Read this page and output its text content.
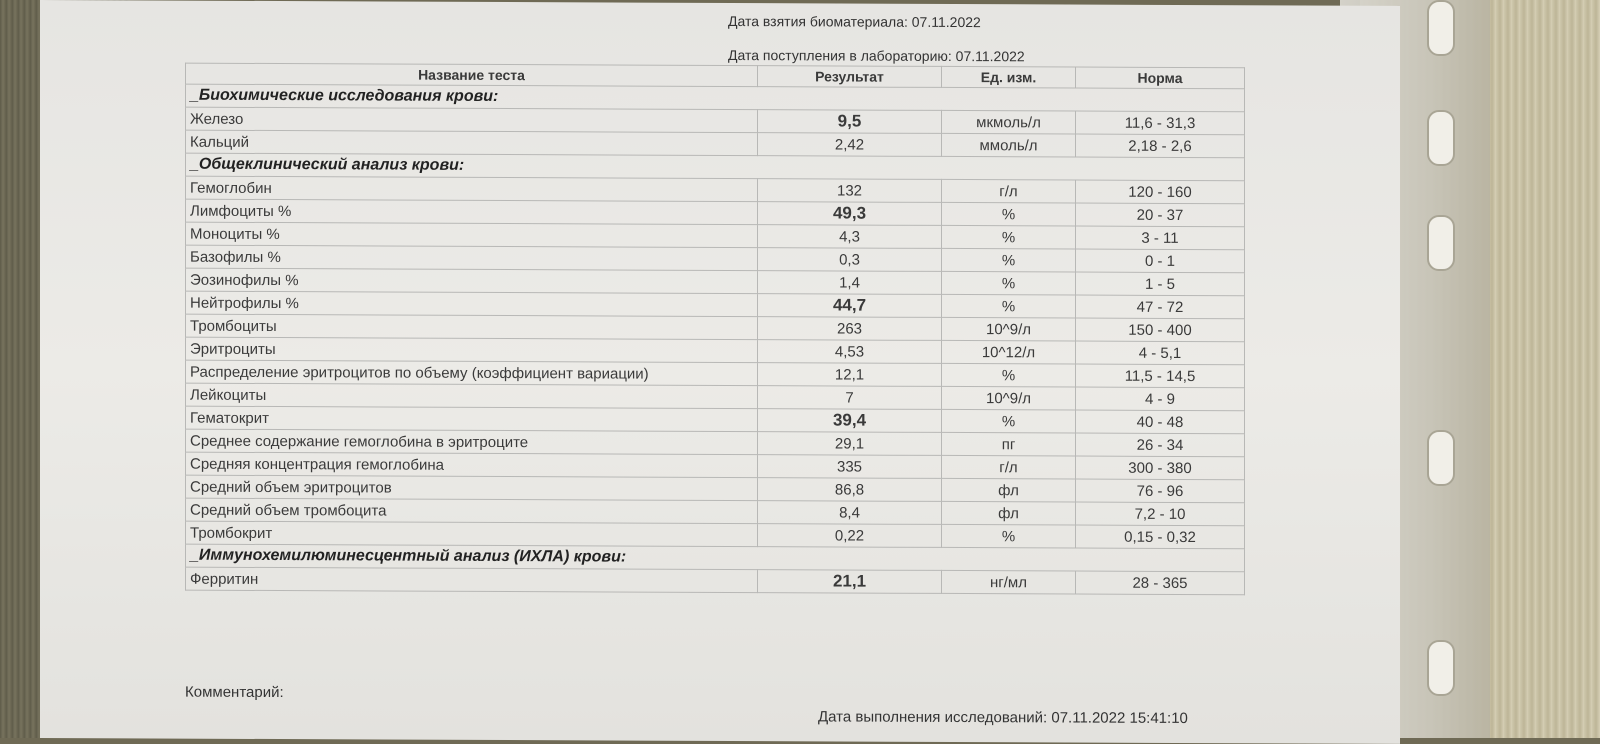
Дата взятия биоматериала: 07.11.2022
Дата поступления в лабораторию: 07.11.2022
Название теста	Результат	Ед. изм.	Норма
_Биохимические исследования крови:			
Железо	9,5	мкмоль/л	11,6 - 31,3
Кальций	2,42	ммоль/л	2,18 - 2,6
_Общеклинический анализ крови:			
Гемоглобин	132	г/л	120 - 160
Лимфоциты %	49,3	%	20 - 37
Моноциты %	4,3	%	3 - 11
Базофилы %	0,3	%	0 - 1
Эозинофилы %	1,4	%	1 - 5
Нейтрофилы %	44,7	%	47 - 72
Тромбоциты	263	10^9/л	150 - 400
Эритроциты	4,53	10^12/л	4 - 5,1
Распределение эритроцитов по объему (коэффициент вариации)	12,1	%	11,5 - 14,5
Лейкоциты	7	10^9/л	4 - 9
Гематокрит	39,4	%	40 - 48
Среднее содержание гемоглобина в эритроците	29,1	пг	26 - 34
Средняя концентрация гемоглобина	335	г/л	300 - 380
Средний объем эритроцитов	86,8	фл	76 - 96
Средний объем тромбоцита	8,4	фл	7,2 - 10
Тромбокрит	0,22	%	0,15 - 0,32
_Иммунохемилюминесцентный анализ (ИХЛА) крови:			
Ферритин	21,1	нг/мл	28 - 365
Комментарий:
Дата выполнения исследований: 07.11.2022 15:41:10
